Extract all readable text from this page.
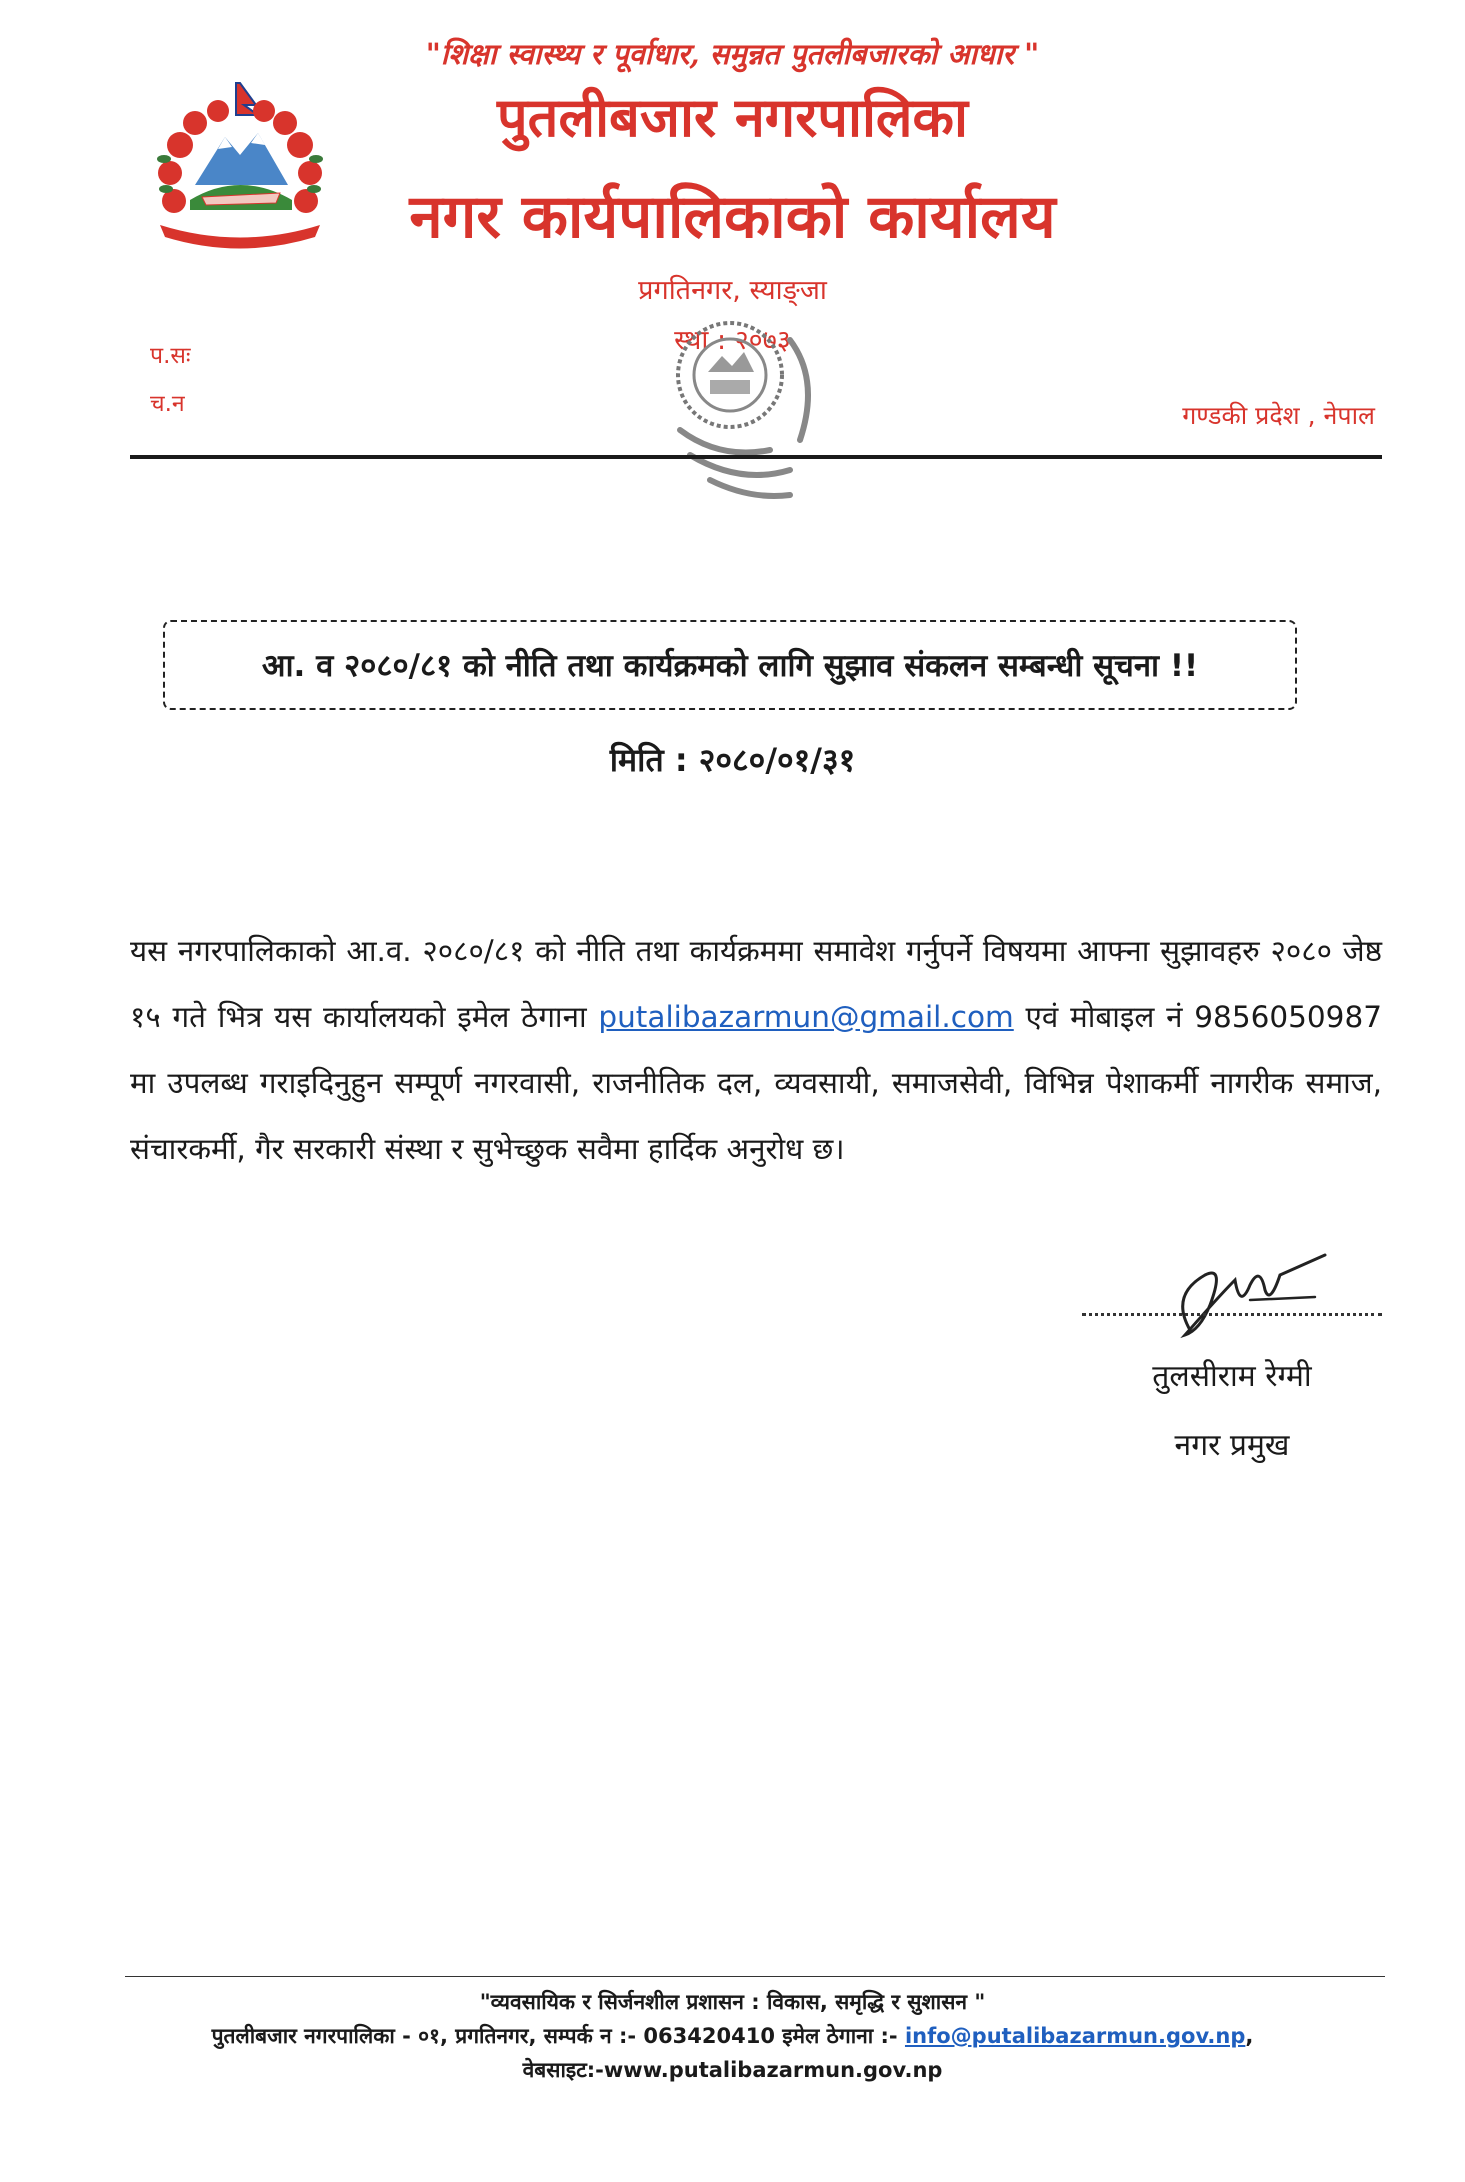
"शिक्षा स्वास्थ्य र पूर्वाधार, समुन्नत पुतलीबजारको आधार "
पुतलीबजार नगरपालिका
नगर कार्यपालिकाको कार्यालय
प्रगतिनगर, स्याङ्जा
स्था : २०७३
प.सः
च.न	गण्डकी प्रदेश , नेपाल
आ. व २०८०/८१ को नीति तथा कार्यक्रमको लागि सुझाव संकलन सम्बन्धी सूचना !!
मिति : २०८०/०१/३१
यस नगरपालिकाको आ.व. २०८०/८१ को नीति तथा कार्यक्रममा समावेश गर्नुपर्ने विषयमा आफ्ना सुझावहरु २०८० जेष्ठ १५ गते भित्र यस कार्यालयको इमेल ठेगाना putalibazarmun@gmail.com एवं मोबाइल नं 9856050987 मा उपलब्ध गराइदिनुहुन सम्पूर्ण नगरवासी, राजनीतिक दल, व्यवसायी, समाजसेवी, विभिन्न पेशाकर्मी नागरीक समाज, संचारकर्मी, गैर सरकारी संस्था र सुभेच्छुक सवैमा हार्दिक अनुरोध छ।
तुलसीराम रेग्मी
नगर प्रमुख
"व्यवसायिक र सिर्जनशील प्रशासन : विकास, समृद्धि र सुशासन "
पुतलीबजार नगरपालिका - ०१, प्रगतिनगर, सम्पर्क न :- 063420410 इमेल ठेगाना :- info@putalibazarmun.gov.np,
वेबसाइट:-www.putalibazarmun.gov.np
